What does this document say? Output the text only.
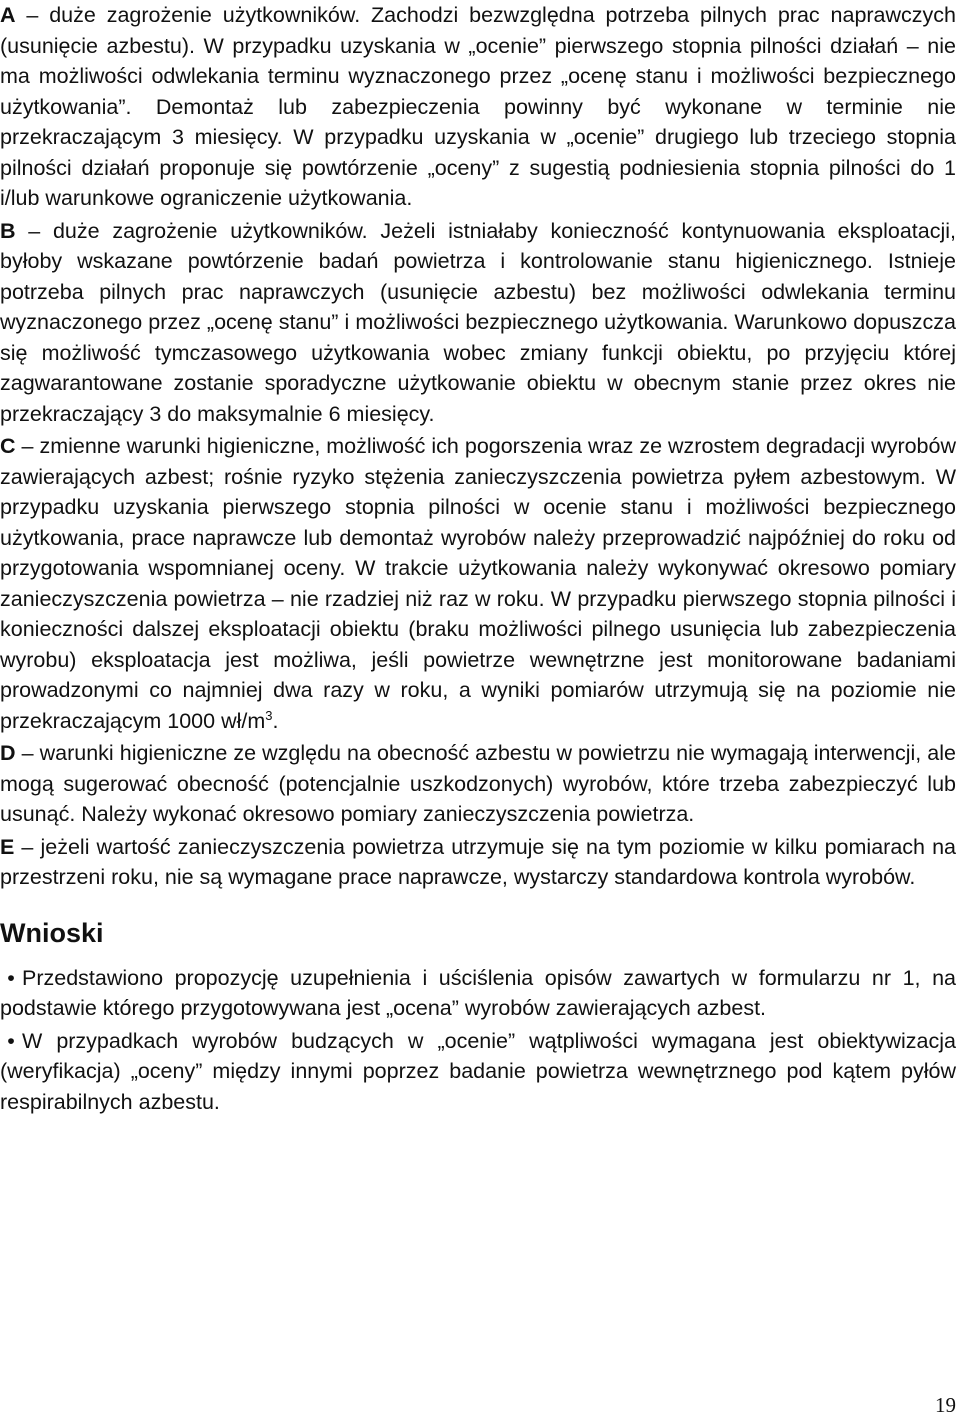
A – duże zagrożenie użytkowników. Zachodzi bezwzględna potrzeba pilnych prac naprawczych (usunięcie azbestu). W przypadku uzyskania w „ocenie” pierwszego stopnia pilności działań – nie ma możliwości odwlekania terminu wyznaczonego przez „ocenę stanu i możliwości bezpiecznego użytkowania”. Demontaż lub zabezpieczenia powinny być wykonane w terminie nie przekraczającym 3 miesięcy. W przypadku uzyskania w „ocenie” drugiego lub trzeciego stopnia pilności działań proponuje się powtórzenie „oceny” z sugestią podniesienia stopnia pilności do 1 i/lub warunkowe ograniczenie użytkowania.

B – duże zagrożenie użytkowników. Jeżeli istniałaby konieczność kontynuowania eksploatacji, byłoby wskazane powtórzenie badań powietrza i kontrolowanie stanu higienicznego. Istnieje potrzeba pilnych prac naprawczych (usunięcie azbestu) bez możliwości odwlekania terminu wyznaczonego przez „ocenę stanu” i możliwości bezpiecznego użytkowania. Warunkowo dopuszcza się możliwość tymczasowego użytkowania wobec zmiany funkcji obiektu, po przyjęciu której zagwarantowane zostanie sporadyczne użytkowanie obiektu w obecnym stanie przez okres nie przekraczający 3 do maksymalnie 6 miesięcy.

C – zmienne warunki higieniczne, możliwość ich pogorszenia wraz ze wzrostem degradacji wyrobów zawierających azbest; rośnie ryzyko stężenia zanieczyszczenia powietrza pyłem azbestowym. W przypadku uzyskania pierwszego stopnia pilności w ocenie stanu i możliwości bezpiecznego użytkowania, prace naprawcze lub demontaż wyrobów należy przeprowadzić najpóźniej do roku od przygotowania wspomnianej oceny. W trakcie użytkowania należy wykonywać okresowo pomiary zanieczyszczenia powietrza – nie rzadziej niż raz w roku. W przypadku pierwszego stopnia pilności i konieczności dalszej eksploatacji obiektu (braku możliwości pilnego usunięcia lub zabezpieczenia wyrobu) eksploatacja jest możliwa, jeśli powietrze wewnętrzne jest monitorowane badaniami prowadzonymi co najmniej dwa razy w roku, a wyniki pomiarów utrzymują się na poziomie nie przekraczającym 1000 $wł/m^3$.

D – warunki higieniczne ze względu na obecność azbestu w powietrzu nie wymagają interwencji, ale mogą sugerować obecność (potencjalnie uszkodzonych) wyrobów, które trzeba zabezpieczyć lub usunąć. Należy wykonać okresowo pomiary zanieczyszczenia powietrza.

E – jeżeli wartość zanieczyszczenia powietrza utrzymuje się na tym poziomie w kilku pomiarach na przestrzeni roku, nie są wymagane prace naprawcze, wystarczy standardowa kontrola wyrobów.

Wnioski

• Przedstawiono propozycję uzupełnienia i uściślenia opisów zawartych w formularzu nr 1, na podstawie którego przygotowywana jest „ocena” wyrobów zawierających azbest.

• W przypadkach wyrobów budzących w „ocenie” wątpliwości wymagana jest obiektywizacja (weryfikacja) „oceny” między innymi poprzez badanie powietrza wewnętrznego pod kątem pyłów respirabilnych azbestu.

19
